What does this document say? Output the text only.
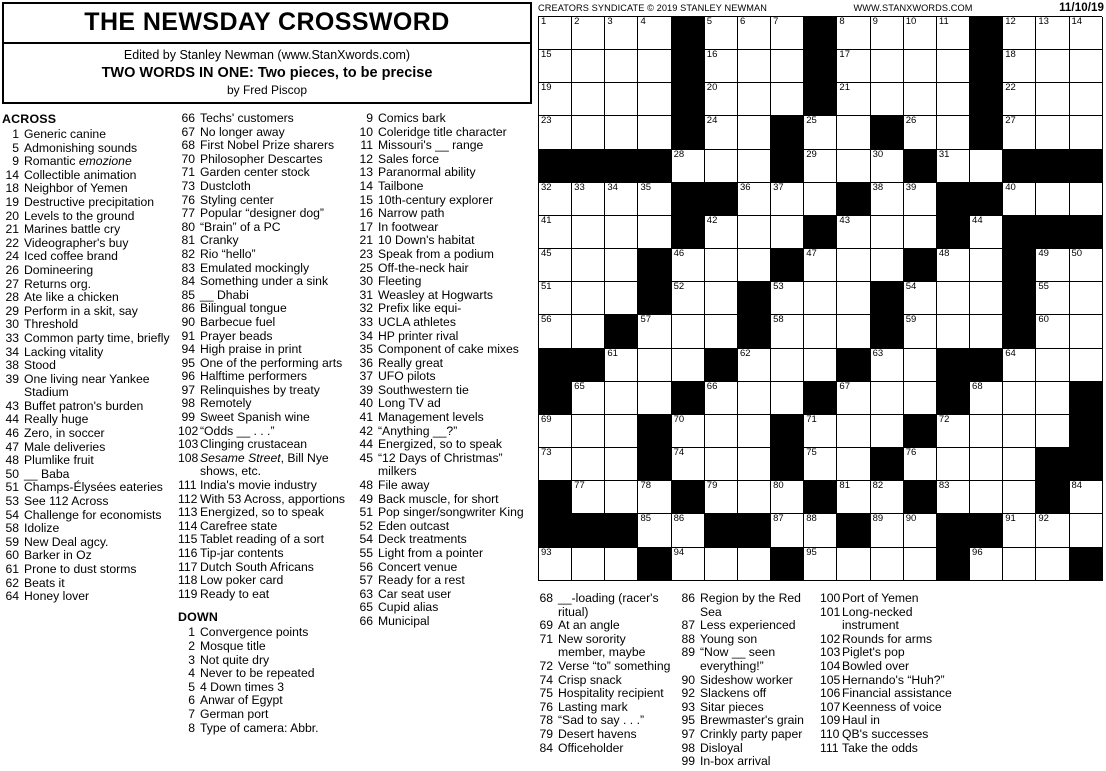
THE NEWSDAY CROSSWORD
Edited by Stanley Newman (www.StanXwords.com)
TWO WORDS IN ONE: Two pieces, to be precise
by Fred Piscop
ACROSS
1 Generic canine
5 Admonishing sounds
9 Romantic emozione
14 Collectible animation
18 Neighbor of Yemen
19 Destructive precipitation
20 Levels to the ground
21 Marines battle cry
22 Videographer's buy
24 Iced coffee brand
26 Domineering
27 Returns org.
28 Ate like a chicken
29 Perform in a skit, say
30 Threshold
33 Common party time, briefly
34 Lacking vitality
38 Stood
39 One living near Yankee Stadium
43 Buffet patron's burden
44 Really huge
46 Zero, in soccer
47 Male deliveries
48 Plumlike fruit
50 __ Baba
51 Champs-Élysées eateries
53 See 112 Across
54 Challenge for economists
58 Idolize
59 New Deal agcy.
60 Barker in Oz
61 Prone to dust storms
62 Beats it
64 Honey lover
66 Techs' customers
67 No longer away
68 First Nobel Prize sharers
70 Philosopher Descartes
71 Garden center stock
73 Dustcloth
76 Styling center
77 Popular “designer dog”
80 “Brain” of a PC
81 Cranky
82 Rio “hello”
83 Emulated mockingly
84 Something under a sink
85 __ Dhabi
86 Bilingual tongue
90 Barbecue fuel
91 Prayer beads
94 High praise in print
95 One of the performing arts
96 Halftime performers
97 Relinquishes by treaty
98 Remotely
99 Sweet Spanish wine
102 “Odds __ . . .”
103 Clinging crustacean
108 Sesame Street, Bill Nye shows, etc.
111 India's movie industry
112 With 53 Across, apportions
113 Energized, so to speak
114 Carefree state
115 Tablet reading of a sort
116 Tip-jar contents
117 Dutch South Africans
118 Low poker card
119 Ready to eat
DOWN
1 Convergence points
2 Mosque title
3 Not quite dry
4 Never to be repeated
5 4 Down times 3
6 Anwar of Egypt
7 German port
8 Type of camera: Abbr.
9 Comics bark
10 Coleridge title character
11 Missouri's __ range
12 Sales force
13 Paranormal ability
14 Tailbone
15 10th-century explorer
16 Narrow path
17 In footwear
21 10 Down's habitat
23 Speak from a podium
25 Off-the-neck hair
30 Fleeting
31 Weasley at Hogwarts
32 Prefix like equi-
33 UCLA athletes
34 HP printer rival
35 Component of cake mixes
36 Really great
37 UFO pilots
39 Southwestern tie
40 Long TV ad
41 Management levels
42 “Anything __?”
44 Energized, so to speak
45 “12 Days of Christmas” milkers
48 File away
49 Back muscle, for short
51 Pop singer/songwriter King
52 Eden outcast
54 Deck treatments
55 Light from a pointer
56 Concert venue
57 Ready for a rest
63 Car seat user
65 Cupid alias
66 Municipal
CREATORS SYNDICATE © 2019 STANLEY NEWMAN	WWW.STANXWORDS.COM	11/10/19
1	2	3	4	5	6	7	8	9	10 11	12 13 14
15	16	17	18
19	20	21	22
23	24	25	26	27
28	29	30	31
32 33 34 35	36 37	38 39	40
41	42	43	44
45	46	47	48	49 50
51	52	53	54	55
56	57	58	59	60
61	62	63	64
65	66	67	68
69	70	71	72
73	74	75	76
77	78	79	80	81 82	83	84
85 86	87 88	89 90	91 92
93	94	95	96
68 __-loading (racer's ritual)
69 At an angle
71 New sorority member, maybe
72 Verse “to” something
74 Crisp snack
75 Hospitality recipient
76 Lasting mark
78 “Sad to say . . .”
79 Desert havens
84 Officeholder
86 Region by the Red Sea
87 Less experienced
88 Young son
89 “Now __ seen everything!”
90 Sideshow worker
92 Slackens off
93 Sitar pieces
95 Brewmaster's grain
97 Crinkly party paper
98 Disloyal
99 In-box arrival
100 Port of Yemen
101 Long-necked instrument
102 Rounds for arms
103 Piglet's pop
104 Bowled over
105 Hernando's “Huh?”
106 Financial assistance
107 Keenness of voice
109 Haul in
110 QB's successes
111 Take the odds
